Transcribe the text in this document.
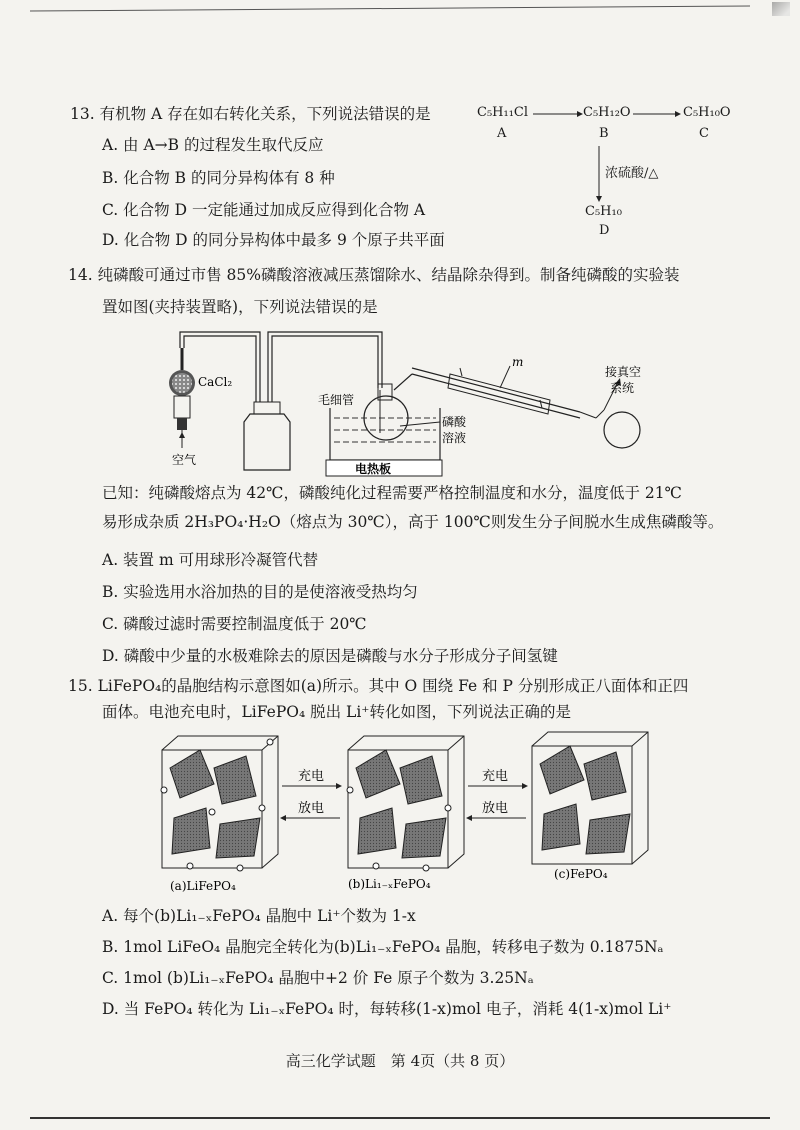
13. 有机物 A 存在如右转化关系，下列说法错误的是
A. 由 A→B 的过程发生取代反应
B. 化合物 B 的同分异构体有 8 种
C. 化合物 D 一定能通过加成反应得到化合物 A
D. 化合物 D 的同分异构体中最多 9 个原子共平面
C₅H₁₁Cl
A
C₅H₁₂O
B
C₅H₁₀O
C
浓硫酸/△
C₅H₁₀
D
14. 纯磷酸可通过市售 85%磷酸溶液减压蒸馏除水、结晶除杂得到。制备纯磷酸的实验装
置如图(夹持装置略)，下列说法错误的是
CaCl₂
空气
电热板
毛细管
磷酸
溶液
m
接真空
系统
已知：纯磷酸熔点为 42℃，磷酸纯化过程需要严格控制温度和水分，温度低于 21℃
易形成杂质 2H₃PO₄·H₂O（熔点为 30℃），高于 100℃则发生分子间脱水生成焦磷酸等。
A. 装置 m 可用球形冷凝管代替
B. 实验选用水浴加热的目的是使溶液受热均匀
C. 磷酸过滤时需要控制温度低于 20℃
D. 磷酸中少量的水极难除去的原因是磷酸与水分子形成分子间氢键
15. LiFePO₄的晶胞结构示意图如(a)所示。其中 O 围绕 Fe 和 P 分别形成正八面体和正四
面体。电池充电时，LiFePO₄ 脱出 Li⁺转化如图，下列说法正确的是
(a)LiFePO₄
充电
放电
(b)Li₁₋ₓFePO₄
充电
放电
(c)FePO₄
A. 每个(b)Li₁₋ₓFePO₄ 晶胞中 Li⁺个数为 1-x
B. 1mol LiFeO₄ 晶胞完全转化为(b)Li₁₋ₓFePO₄ 晶胞，转移电子数为 0.1875Nₐ
C. 1mol (b)Li₁₋ₓFePO₄ 晶胞中+2 价 Fe 原子个数为 3.25Nₐ
D. 当 FePO₄ 转化为 Li₁₋ₓFePO₄ 时，每转移(1-x)mol 电子，消耗 4(1-x)mol Li⁺
高三化学试题　第 4页（共 8 页）
